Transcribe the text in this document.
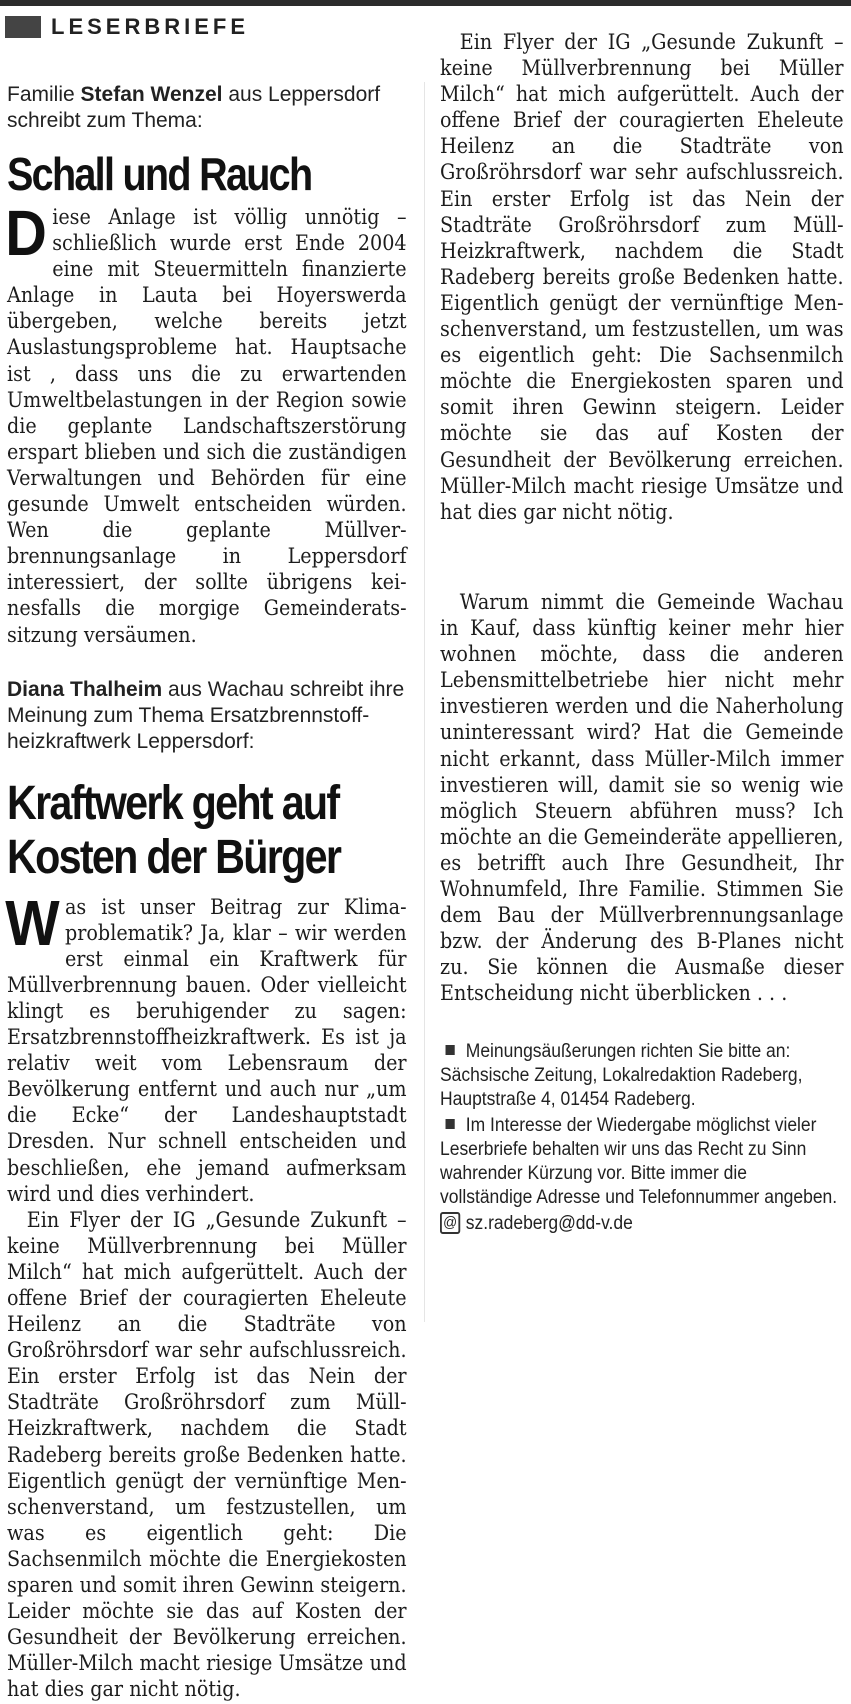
LESERBRIEFE

Familie Stefan Wenzel aus Leppersdorf schreibt zum Thema:

Schall und Rauch

Diese Anlage ist völlig unnötig – schließlich wurde erst Ende 2004 eine mit Steuermitteln finanzierte Anlage in Lauta bei Hoyerswerda übergeben, welche bereits jetzt Auslastungsprobleme hat. Hauptsache ist , dass uns die zu erwartenden Umweltbelastungen in der Region sowie die geplante Landschaftszerstörung erspart blieben und sich die zuständigen Verwaltungen und Behörden für eine gesunde Umwelt entscheiden würden. Wen die geplante Müllverbrennungsanlage in Leppersdorf interessiert, der sollte übrigens keinesfalls die morgige Gemeinderatssitzung versäumen.

Diana Thalheim aus Wachau schreibt ihre Meinung zum Thema Ersatzbrennstoffheizkraftwerk Leppersdorf:

Kraftwerk geht auf
Kosten der Bürger

Was ist unser Beitrag zur Klimaproblematik? Ja, klar – wir werden erst einmal ein Kraftwerk für Müllverbrennung bauen. Oder vielleicht klingt es beruhigender zu sagen: Ersatzbrennstoffheizkraftwerk. Es ist ja relativ weit vom Lebensraum der Bevölkerung entfernt und auch nur „um die Ecke“ der Landeshauptstadt Dresden. Nur schnell entscheiden und beschließen, ehe jemand aufmerksam wird und dies verhindert.

Ein Flyer der IG „Gesunde Zukunft – keine Müllverbrennung bei Müller Milch“ hat mich aufgerüttelt. Auch der offene Brief der couragierten Eheleute Heilenz an die Stadträte von Großröhrsdorf war sehr aufschlussreich. Ein erster Erfolg ist das Nein der Stadträte Großröhrsdorf zum Müll-Heizkraftwerk, nachdem die Stadt Radeberg bereits große Bedenken hatte. Eigentlich genügt der vernünftige Menschenverstand, um festzustellen, um was es eigentlich geht: Die Sachsenmilch möchte die Energiekosten sparen und somit ihren Gewinn steigern. Leider möchte sie das auf Kosten der Gesundheit der Bevölkerung erreichen. Müller-Milch macht riesige Umsätze und hat dies gar nicht nötig.

Ein Flyer der IG „Gesunde Zukunft – keine Müllverbrennung bei Müller Milch“ hat mich aufgerüttelt. Auch der offene Brief der couragierten Eheleute Heilenz an die Stadträte von Großröhrsdorf war sehr aufschlussreich. Ein erster Erfolg ist das Nein der Stadträte Großröhrsdorf zum Müll-Heizkraftwerk, nachdem die Stadt Radeberg bereits große Bedenken hatte. Eigentlich genügt der vernünftige Menschenverstand, um festzustellen, um was es eigentlich geht: Die Sachsenmilch möchte die Energiekosten sparen und somit ihren Gewinn steigern. Leider möchte sie das auf Kosten der Gesundheit der Bevölkerung erreichen. Müller-Milch macht riesige Umsätze und hat dies gar nicht nötig.

Warum nimmt die Gemeinde Wachau in Kauf, dass künftig keiner mehr hier wohnen möchte, dass die anderen Lebensmittelbetriebe hier nicht mehr investieren werden und die Naherholung uninteressant wird? Hat die Gemeinde nicht erkannt, dass Müller-Milch immer investieren will, damit sie so wenig wie möglich Steuern abführen muss? Ich möchte an die Gemeinderäte appellieren, es betrifft auch Ihre Gesundheit, Ihr Wohnumfeld, Ihre Familie. Stimmen Sie dem Bau der Müllverbrennungsanlage bzw. der Änderung des B-Planes nicht zu. Sie können die Ausmaße dieser Entscheidung nicht überblicken . . .

Meinungsäußerungen richten Sie bitte an: Sächsische Zeitung, Lokalredaktion Radeberg, Hauptstraße 4, 01454 Radeberg.

Im Interesse der Wiedergabe möglichst vieler Leserbriefe behalten wir uns das Recht zu Sinn wahrender Kürzung vor. Bitte immer die vollständige Adresse und Telefonnummer angeben.

@ sz.radeberg@dd-v.de
